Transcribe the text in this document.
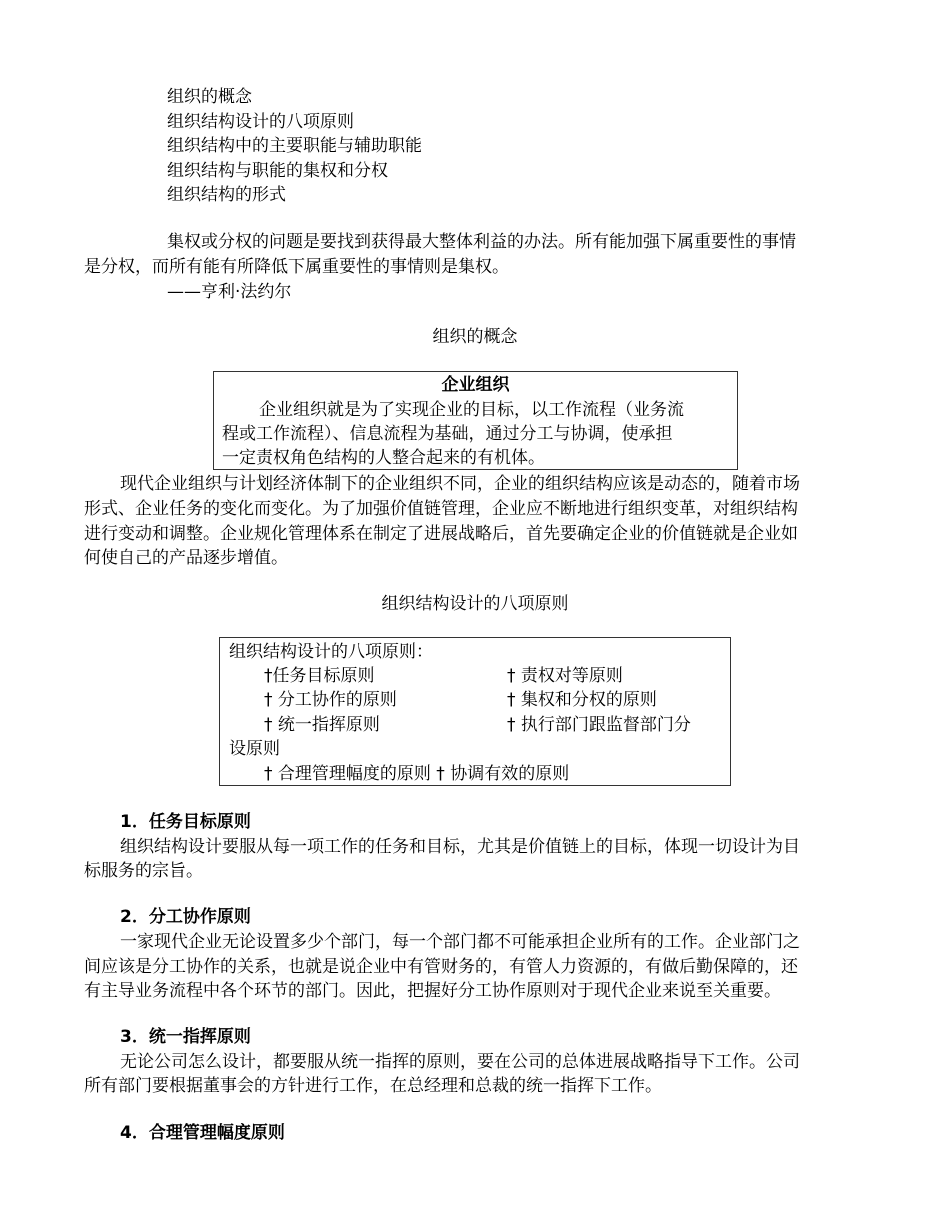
组织的概念
组织结构设计的八项原则
组织结构中的主要职能与辅助职能
组织结构与职能的集权和分权
组织结构的形式
集权或分权的问题是要找到获得最大整体利益的办法。所有能加强下属重要性的事情
是分权，而所有能有所降低下属重要性的事情则是集权。
——亨利·法约尔
组织的概念
企业组织
企业组织就是为了实现企业的目标，以工作流程（业务流
程或工作流程）、信息流程为基础，通过分工与协调，使承担
一定责权角色结构的人整合起来的有机体。
现代企业组织与计划经济体制下的企业组织不同，企业的组织结构应该是动态的，随着市场
形式、企业任务的变化而变化。为了加强价值链管理，企业应不断地进行组织变革，对组织结构
进行变动和调整。企业规化管理体系在制定了进展战略后，首先要确定企业的价值链就是企业如
何使自己的产品逐步增值。
组织结构设计的八项原则
组织结构设计的八项原则：
†任务目标原则	† 责权对等原则
† 分工协作的原则	† 集权和分权的原则
† 统一指挥原则	† 执行部门跟监督部门分
设原则
† 合理管理幅度的原则 † 协调有效的原则
1．任务目标原则
组织结构设计要服从每一项工作的任务和目标，尤其是价值链上的目标，体现一切设计为目
标服务的宗旨。
2．分工协作原则
一家现代企业无论设置多少个部门，每一个部门都不可能承担企业所有的工作。企业部门之
间应该是分工协作的关系，也就是说企业中有管财务的，有管人力资源的，有做后勤保障的，还
有主导业务流程中各个环节的部门。因此，把握好分工协作原则对于现代企业来说至关重要。
3．统一指挥原则
无论公司怎么设计，都要服从统一指挥的原则，要在公司的总体进展战略指导下工作。公司
所有部门要根据董事会的方针进行工作，在总经理和总裁的统一指挥下工作。
4．合理管理幅度原则
